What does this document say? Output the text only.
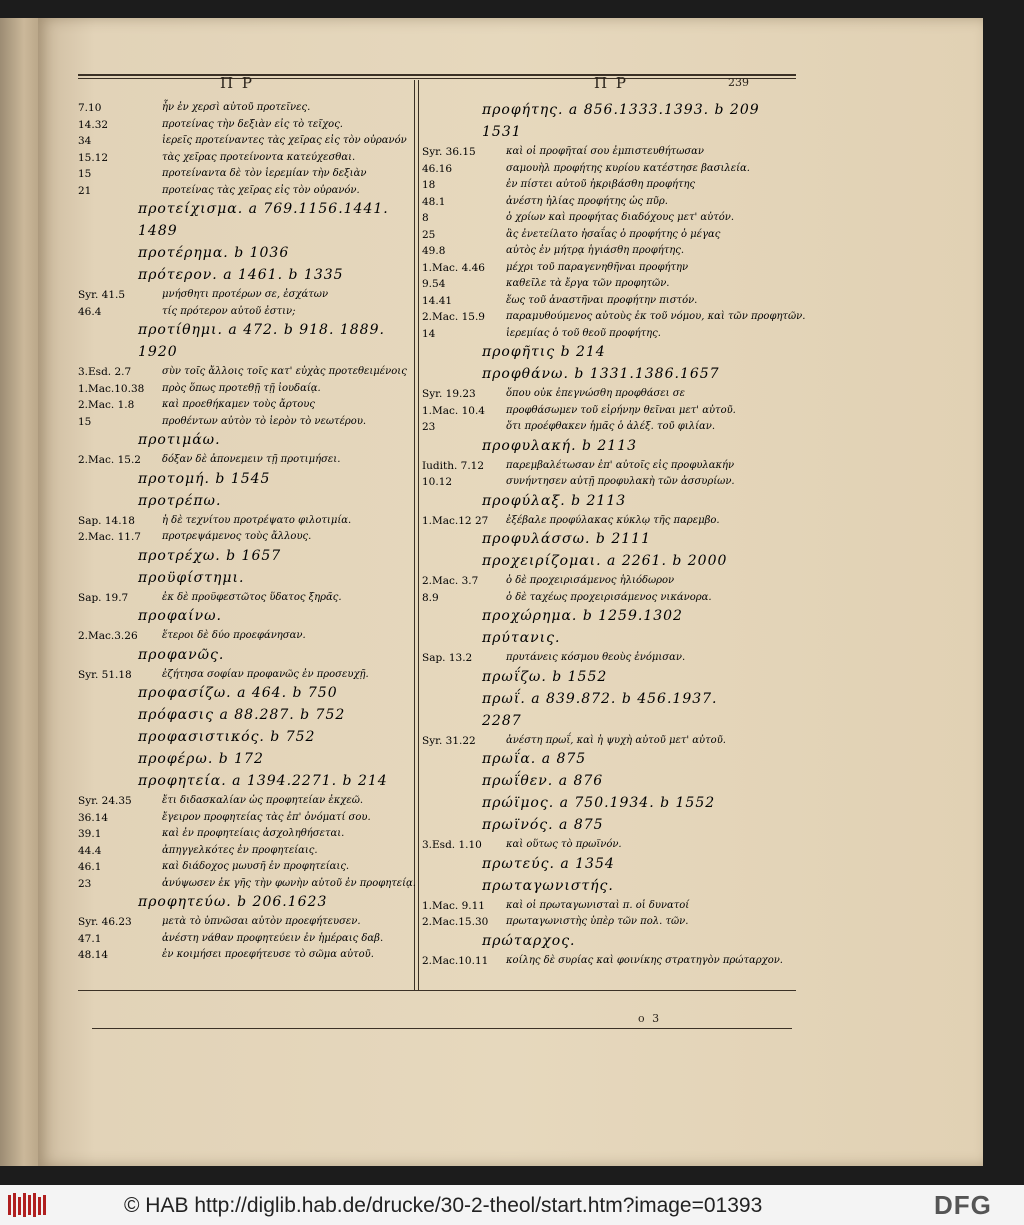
Π Ρ	Π Ρ	239
o 3
7.10	ἦν ἐν χερσὶ αὐτοῦ προτεῖνες.
14.32	προτείνας τὴν δεξιὰν εἰς τὸ τεῖχος.
34	ἱερεῖς προτείναντες τὰς χεῖρας εἰς τὸν οὐρανόν
15.12	τὰς χεῖρας προτείνοντα κατεύχεσθαι.
15	προτείναντα δὲ τὸν ἱερεμίαν τὴν δεξιὰν
21	προτείνας τὰς χεῖρας εἰς τὸν οὐρανόν.
προτείχισμα. a 769.1156.1441.
1489
προτέρημα. b 1036
πρότερον. a 1461. b 1335
Syr. 41.5	μνήσθητι προτέρων σε, ἐσχάτων
46.4	τίς πρότερον αὐτοῦ ἐστιν;
προτίθημι. a 472. b 918. 1889.
1920
3.Esd. 2.7	σὺν τοῖς ἄλλοις τοῖς κατ' εὐχὰς προτεθειμένοις
1.Mac.10.38	πρὸς ὅπως προτεθῇ τῇ ἰουδαίᾳ.
2.Mac. 1.8	καὶ προεθήκαμεν τοὺς ἄρτους
15	προθέντων αὐτὸν τὸ ἱερὸν τὸ νεωτέρου.
προτιμάω.
2.Mac. 15.2	δόξαν δὲ ἀπονεμειν τῇ προτιμήσει.
προτομή. b 1545
προτρέπω.
Sap. 14.18	ἡ δὲ τεχνίτου προτρέψατο φιλοτιμία.
2.Mac. 11.7	προτρεψάμενος τοὺς ἄλλους.
προτρέχω. b 1657
προϋφίστημι.
Sap. 19.7	ἐκ δὲ προϋφεστῶτος ὕδατος ξηρᾶς.
προφαίνω.
2.Mac.3.26	ἕτεροι δὲ δύο προεφάνησαν.
προφανῶς.
Syr. 51.18	ἐζήτησα σοφίαν προφανῶς ἐν προσευχῇ.
προφασίζω. a 464. b 750
πρόφασις a 88.287. b 752
προφασιστικός. b 752
προφέρω. b 172
προφητεία. a 1394.2271. b 214
Syr. 24.35	ἔτι διδασκαλίαν ὡς προφητείαν ἐκχεῶ.
36.14	ἔγειρον προφητείας τὰς ἐπ' ὀνόματί σου.
39.1	καὶ ἐν προφητείαις ἀσχοληθήσεται.
44.4	ἀπηγγελκότες ἐν προφητείαις.
46.1	καὶ διάδοχος μωυσῆ ἐν προφητείαις.
23	ἀνύψωσεν ἐκ γῆς τὴν φωνὴν αὐτοῦ ἐν προφητείᾳ.
προφητεύω. b 206.1623
Syr. 46.23	μετὰ τὸ ὑπνῶσαι αὐτὸν προεφήτευσεν.
47.1	ἀνέστη νάθαν προφητεύειν ἐν ἡμέραις δαβ.
48.14	ἐν κοιμήσει προεφήτευσε τὸ σῶμα αὐτοῦ.
προφήτης. a 856.1333.1393. b 209
1531
Syr. 36.15	καὶ οἱ προφῆταί σου ἐμπιστευθήτωσαν
46.16	σαμουὴλ προφήτης κυρίου κατέστησε βασιλεία.
18	ἐν πίστει αὐτοῦ ἠκριβάσθη προφήτης
48.1	ἀνέστη ἠλίας προφήτης ὡς πῦρ.
8	ὁ χρίων καὶ προφήτας διαδόχους μετ' αὐτόν.
25	ἃς ἐνετείλατο ἡσαΐας ὁ προφήτης ὁ μέγας
49.8	αὐτὸς ἐν μήτρᾳ ἡγιάσθη προφήτης.
1.Mac. 4.46	μέχρι τοῦ παραγενηθῆναι προφήτην
9.54	καθεῖλε τὰ ἔργα τῶν προφητῶν.
14.41	ἕως τοῦ ἀναστῆναι προφήτην πιστόν.
2.Mac. 15.9	παραμυθούμενος αὐτοὺς ἐκ τοῦ νόμου, καὶ τῶν προφητῶν.
14	ἱερεμίας ὁ τοῦ θεοῦ προφήτης.
προφῆτις b 214
προφθάνω. b 1331.1386.1657
Syr. 19.23	ὅπου οὐκ ἐπεγνώσθη προφθάσει σε
1.Mac. 10.4	προφθάσωμεν τοῦ εἰρήνην θεῖναι μετ' αὐτοῦ.
23	ὅτι προέφθακεν ἡμᾶς ὁ ἀλέξ. τοῦ φιλίαν.
προφυλακή. b 2113
Iudith. 7.12	παρεμβαλέτωσαν ἐπ' αὐτοῖς εἰς προφυλακήν
10.12	συνήντησεν αὐτῇ προφυλακὴ τῶν ἀσσυρίων.
προφύλαξ. b 2113
1.Mac.12 27	ἐξέβαλε προφύλακας κύκλῳ τῆς παρεμβο.
προφυλάσσω. b 2111
προχειρίζομαι. a 2261. b 2000
2.Mac. 3.7	ὁ δὲ προχειρισάμενος ἡλιόδωρον
8.9	ὁ δὲ ταχέως προχειρισάμενος νικάνορα.
προχώρημα. b 1259.1302
πρύτανις.
Sap. 13.2	πρυτάνεις κόσμου θεοὺς ἐνόμισαν.
πρωΐζω. b 1552
πρωΐ. a 839.872. b 456.1937.
2287
Syr. 31.22	ἀνέστη πρωΐ, καὶ ἡ ψυχὴ αὐτοῦ μετ' αὐτοῦ.
πρωΐα. a 875
πρωΐθεν. a 876
πρώϊμος. a 750.1934. b 1552
πρωϊνός. a 875
3.Esd. 1.10	καὶ οὕτως τὸ πρωϊνόν.
πρωτεύς. a 1354
πρωταγωνιστής.
1.Mac. 9.11	καὶ οἱ πρωταγωνισταὶ π. οἱ δυνατοί
2.Mac.15.30	πρωταγωνιστὴς ὑπὲρ τῶν πολ. τῶν.
πρώταρχος.
2.Mac.10.11	κοίλης δὲ συρίας καὶ φοινίκης στρατηγὸν πρώταρχον.
© HAB http://diglib.hab.de/drucke/30-2-theol/start.htm?image=01393	DFG
